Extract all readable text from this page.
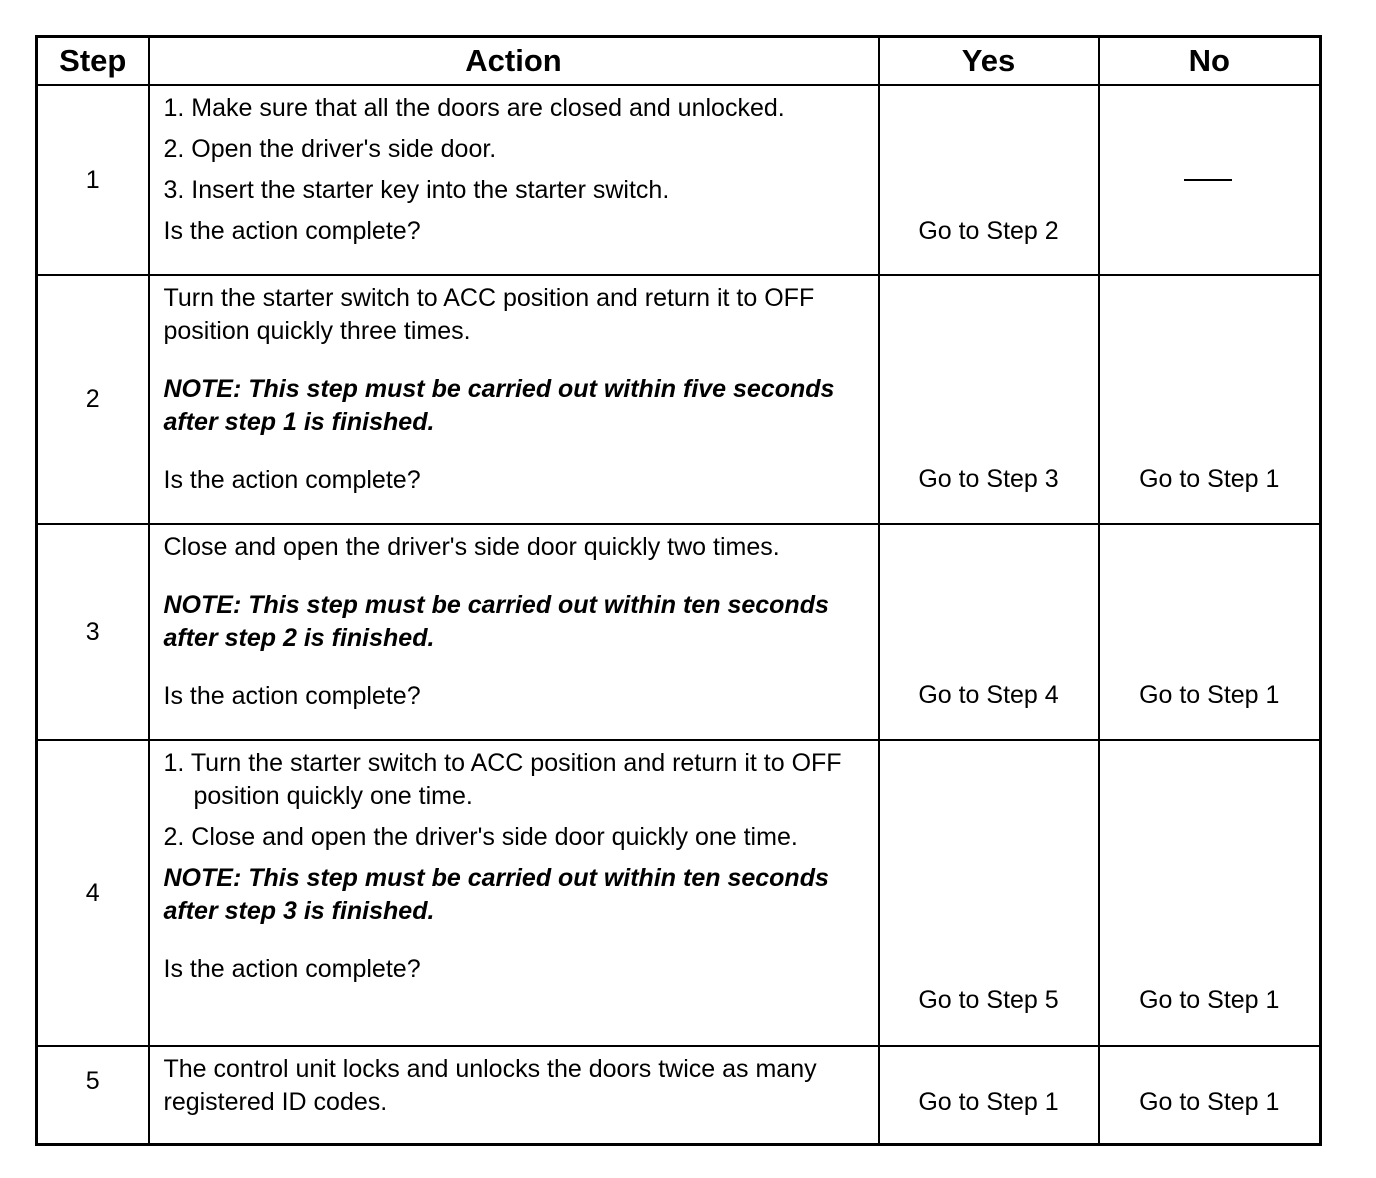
Step	Action	Yes	No
1	1. Make sure that all the doors are closed and unlocked.
2. Open the driver's side door.
3. Insert the starter key into the starter switch.
Is the action complete?	Go to Step 2	

2	Turn the starter switch to ACC position and return it to OFF position quickly three times.
NOTE: This step must be carried out within five seconds after step 1 is finished.
Is the action complete?	Go to Step 3	Go to Step 1

3	Close and open the driver's side door quickly two times.
NOTE: This step must be carried out within ten seconds after step 2 is finished.
Is the action complete?	Go to Step 4	Go to Step 1

4	1. Turn the starter switch to ACC position and return it to OFF position quickly one time.
2. Close and open the driver's side door quickly one time.
NOTE: This step must be carried out within ten seconds after step 3 is finished.
Is the action complete?	Go to Step 5	Go to Step 1

5	The control unit locks and unlocks the doors twice as many registered ID codes.	Go to Step 1	Go to Step 1
